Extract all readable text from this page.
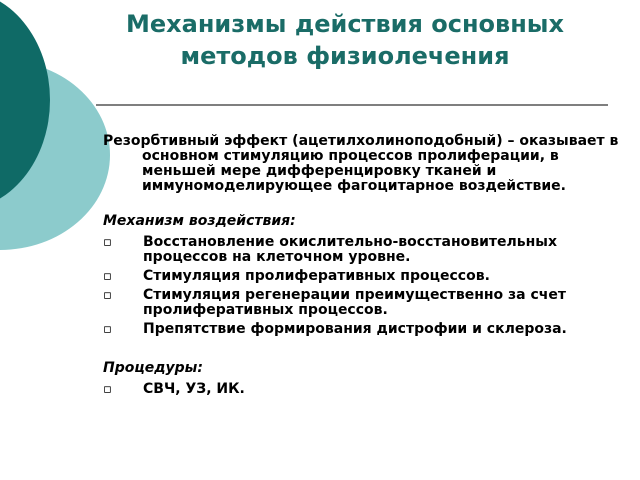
Механизмы действия основных методов физиолечения

Резорбтивный эффект (ацетилхолиноподобный) – оказывает в основном стимуляцию процессов пролиферации, в меньшей мере дифференцировку тканей и иммуномоделирующее фагоцитарное воздействие.

Механизм воздействия:

▫ Восстановление окислительно-восстановительных процессов на клеточном уровне.
▫ Стимуляция пролиферативных процессов.
▫ Стимуляция регенерации преимущественно за счет пролиферативных процессов.
▫ Препятствие формирования дистрофии и склероза.

Процедуры:

▫ СВЧ, УЗ, ИК.
